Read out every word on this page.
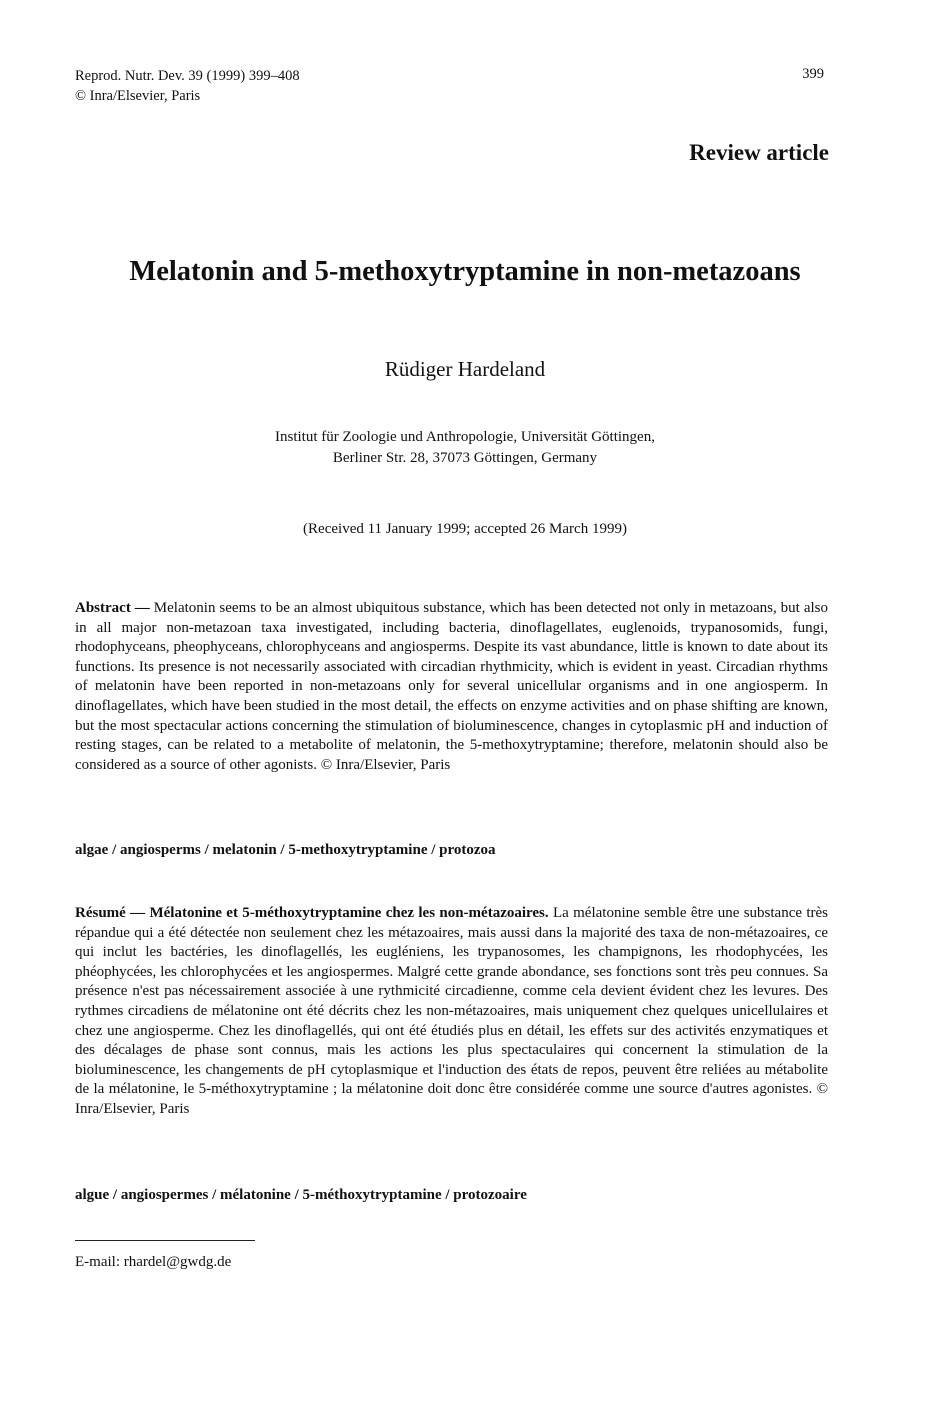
Reprod. Nutr. Dev. 39 (1999) 399–408
© Inra/Elsevier, Paris
399
Review article
Melatonin and 5-methoxytryptamine in non-metazoans
Rüdiger Hardeland
Institut für Zoologie und Anthropologie, Universität Göttingen,
Berliner Str. 28, 37073 Göttingen, Germany
(Received 11 January 1999; accepted 26 March 1999)
Abstract — Melatonin seems to be an almost ubiquitous substance, which has been detected not only in metazoans, but also in all major non-metazoan taxa investigated, including bacteria, dinoflagellates, euglenoids, trypanosomids, fungi, rhodophyceans, pheophyceans, chlorophyceans and angiosperms. Despite its vast abundance, little is known to date about its functions. Its presence is not necessarily associated with circadian rhythmicity, which is evident in yeast. Circadian rhythms of melatonin have been reported in non-metazoans only for several unicellular organisms and in one angiosperm. In dinoflagellates, which have been studied in the most detail, the effects on enzyme activities and on phase shifting are known, but the most spectacular actions concerning the stimulation of bioluminescence, changes in cytoplasmic pH and induction of resting stages, can be related to a metabolite of melatonin, the 5-methoxytryptamine; therefore, melatonin should also be considered as a source of other agonists. © Inra/Elsevier, Paris
algae / angiosperms / melatonin / 5-methoxytryptamine / protozoa
Résumé — Mélatonine et 5-méthoxytryptamine chez les non-métazoaires. La mélatonine semble être une substance très répandue qui a été détectée non seulement chez les métazoaires, mais aussi dans la majorité des taxa de non-métazoaires, ce qui inclut les bactéries, les dinoflagellés, les eugléniens, les trypanosomes, les champignons, les rhodophycées, les phéophycées, les chlorophycées et les angiospermes. Malgré cette grande abondance, ses fonctions sont très peu connues. Sa présence n'est pas nécessairement associée à une rythmicité circadienne, comme cela devient évident chez les levures. Des rythmes circadiens de mélatonine ont été décrits chez les non-métazoaires, mais uniquement chez quelques unicellulaires et chez une angiosperme. Chez les dinoflagellés, qui ont été étudiés plus en détail, les effets sur des activités enzymatiques et des décalages de phase sont connus, mais les actions les plus spectaculaires qui concernent la stimulation de la bioluminescence, les changements de pH cytoplasmique et l'induction des états de repos, peuvent être reliées au métabolite de la mélatonine, le 5-méthoxytryptamine ; la mélatonine doit donc être considérée comme une source d'autres agonistes. © Inra/Elsevier, Paris
algue / angiospermes / mélatonine / 5-méthoxytryptamine / protozoaire
E-mail: rhardel@gwdg.de
